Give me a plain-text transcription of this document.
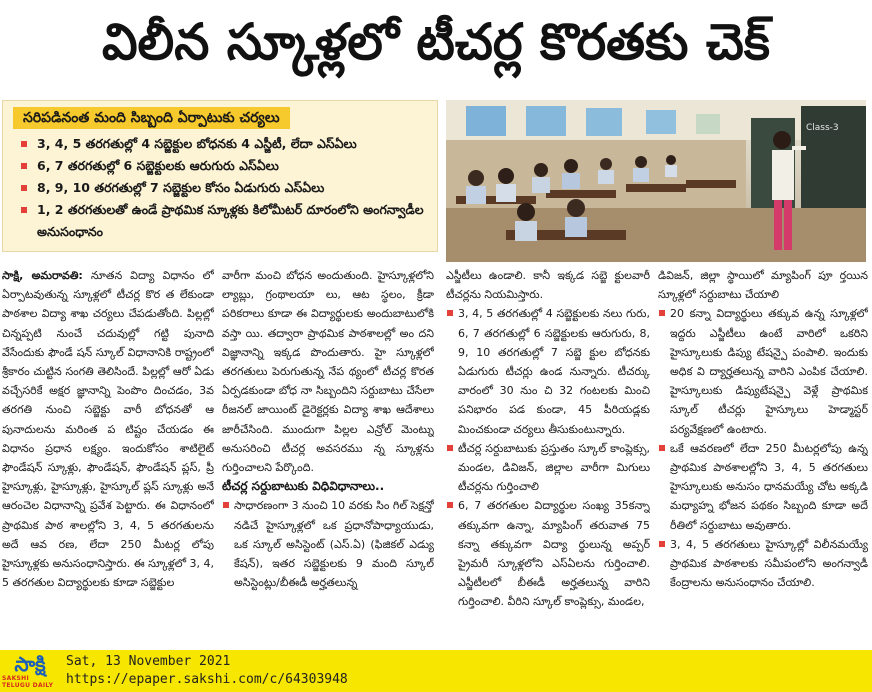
విలీన స్కూళ్లలో టీచర్ల కొరతకు చెక్
సరిపడినంత మంది సిబ్బంది ఏర్పాటుకు చర్యలు
3, 4, 5 తరగతుల్లో 4 సబ్జెక్టుల బోధనకు 4 ఎస్జీటీ, లేదా ఎస్ఏలు
6, 7 తరగతుల్లో 6 సబ్జెక్టులకు ఆరుగురు ఎస్ఏలు
8, 9, 10 తరగతుల్లో 7 సబ్జెక్టుల కోసం ఏడుగురు ఎస్ఏలు
1, 2 తరగతులతో ఉండే ప్రాథమిక స్కూళ్లకు కిలోమీటర్ దూరంలోని అంగన్వాడీల అనుసంధానం
Class-3

సాక్షి, అమరావతి: నూతన విద్యా విధానం లో ఏర్పాటవుతున్న స్కూళ్లలో టీచర్ల కొర త లేకుండా పాఠశాల విద్యా శాఖ చర్యలు చేపడుతోంది. పిల్లల్లో చిన్నప్పటి నుంచే చదువుల్లో గట్టి పునాది వేసేందుకు ఫౌండే షన్ స్కూల్ విధానానికి రాష్ట్రంలో శ్రీకారం చుట్టిన సంగతి తెలిసిందే. పిల్లల్లో ఆరో ఏడు వచ్చేసరికే అక్షర జ్ఞానాన్ని పెంపొం దించడం, 3వ తరగతి నుంచి సబ్జెక్టు వారీ బోధనతో ఆ పునాదులను మరింత ప టిష్టం చేయడం ఈ విధానం ప్రధాన లక్ష్యం. ఇందుకోసం శాటిలైట్ ఫౌండేషన్ స్కూళ్లు, ఫౌండేషన్, ఫౌండేషన్ ప్లస్, ప్రీ హైస్కూళ్లు, హైస్కూళ్లు, హైస్కూల్ ప్లస్ స్కూళ్లు అనే ఆరంచెల విధానాన్ని ప్రవేశ పెట్టారు. ఈ విధానంలో ప్రాథమిక పాఠ శాలల్లోని 3, 4, 5 తరగతులను అదే ఆవ రణ, లేదా 250 మీటర్ల లోపు హైస్కూళ్లకు అనుసంధానిస్తారు. ఈ స్కూళ్లలో 3, 4, 5 తరగతుల విద్యార్థులకు కూడా సబ్జెక్టుల

వారీగా మంచి బోధన అందుతుంది. హైస్కూళ్లలోని ల్యాబ్లు, గ్రంథాలయా లు, ఆట స్థలం, క్రీడా పరికరాలు కూడా ఈ విద్యార్థులకు అందుబాటులోకి వస్తా యి. తద్వారా ప్రాథమిక పాఠశాలల్లో అం దని విజ్ఞానాన్ని ఇక్కడ పొందుతారు. హై స్కూళ్లలో తరగతులు పెరుగుతున్న నేప థ్యంలో టీచర్ల కొరత ఏర్పడకుండా బోధ నా సిబ్బందిని సర్దుబాటు చేసేలా రీజనల్ జాయింట్ డైరెక్టర్లకు విద్యా శాఖ ఆదేశాలు జారీచేసింది. ముందుగా పిల్లల ఎన్రోల్ మెంట్ను అనుసరించి టీచర్ల అవసరము న్న స్కూళ్లను గుర్తించాలని పేర్కొంది.

టీచర్ల సర్దుబాటుకు విధివిధానాలు..

సాధారణంగా 3 నుంచి 10 వరకు సిం గిల్ సెక్షన్తో నడిచే హైస్కూళ్లలో ఒక ప్రధానోపాధ్యాయుడు, ఒక స్కూల్ అసిస్టెంట్ (ఎస్.ఏ) (ఫిజికల్ ఎడ్యు కేషన్), ఇతర సబ్జెక్టులకు 9 మంది స్కూల్ అసిస్టెంట్లు/బీఈడీ అర్హతలున్న

ఎస్జీటీలు ఉండాలి. కానీ ఇక్కడ సబ్జె క్టులవారీ టీచర్లను నియమిస్తారు.

3, 4, 5 తరగతుల్లో 4 సబ్జెక్టులకు నలు గురు, 6, 7 తరగతుల్లో 6 సబ్జెక్టులకు ఆరుగురు, 8, 9, 10 తరగతుల్లో 7 సబ్జె క్టుల బోధనకు ఏడుగురు టీచర్లు ఉండ నున్నారు. టీచర్కు వారంలో 30 నుం చి 32 గంటలకు మించి పనిభారం పడ కుండా, 45 పీరియడ్లకు మించకుండా చర్యలు తీసుకుంటున్నారు.

టీచర్ల సర్దుబాటుకు ప్రస్తుతం స్కూల్ కాంప్లెక్సు, మండల, డివిజన్, జిల్లాల వారీగా మిగులు టీచర్లను గుర్తించాలి

6, 7 తరగతుల విద్యార్థుల సంఖ్య 35కన్నా తక్కువగా ఉన్నా, మ్యాపింగ్ తరువాత 75 కన్నా తక్కువగా విద్యా ర్థులున్న అప్పర్ ప్రైమరీ స్కూళ్లలోని ఎస్ఏలను గుర్తించాలి. ఎస్జీటీలలో బీఈడీ అర్హతలున్న వారిని గుర్తించాలి. వీరిని స్కూల్ కాంప్లెక్సు, మండల,

డివిజన్, జిల్లా స్థాయిలో మ్యాపింగ్ పూ ర్తయిన స్కూళ్లలో సర్దుబాటు చేయాలి

20 కన్నా విద్యార్థులు తక్కువ ఉన్న స్కూళ్లలో ఇద్దరు ఎస్జీటీలు ఉంటే వారిలో ఒకరిని హైస్కూలుకు డిప్యు టేషన్పై పంపాలి. ఇందుకు అధిక వి ద్యార్హతలున్న వారిని ఎంపిక చేయాలి. హైస్కూలుకు డిప్యుటేషన్పై వెళ్లే ప్రాథమిక స్కూల్ టీచర్లు హైస్కూలు హెడ్మాస్టర్ పర్యవేక్షణలో ఉంటారు.

ఒకే ఆవరణలో లేదా 250 మీటర్లలోపు ఉన్న ప్రాథమిక పాఠశాలల్లోని 3, 4, 5 తరగతులు హైస్కూలుకు అనుసం ధానమయ్యే చోట అక్కడి మధ్యాహ్న భోజన పథకం సిబ్బంది కూడా అదే రీతిలో సర్దుబాటు అవుతారు.

3, 4, 5 తరగతులు హైస్కూల్లో విలీనమయ్యే ప్రాథమిక పాఠశాలకు సమీపంలోని అంగన్వాడీ కేంద్రాలను అనుసంధానం చేయాలి.

సాక్షి
SAKSHI TELUGU DAILY
Sat, 13 November 2021
https://epaper.sakshi.com/c/64303948
